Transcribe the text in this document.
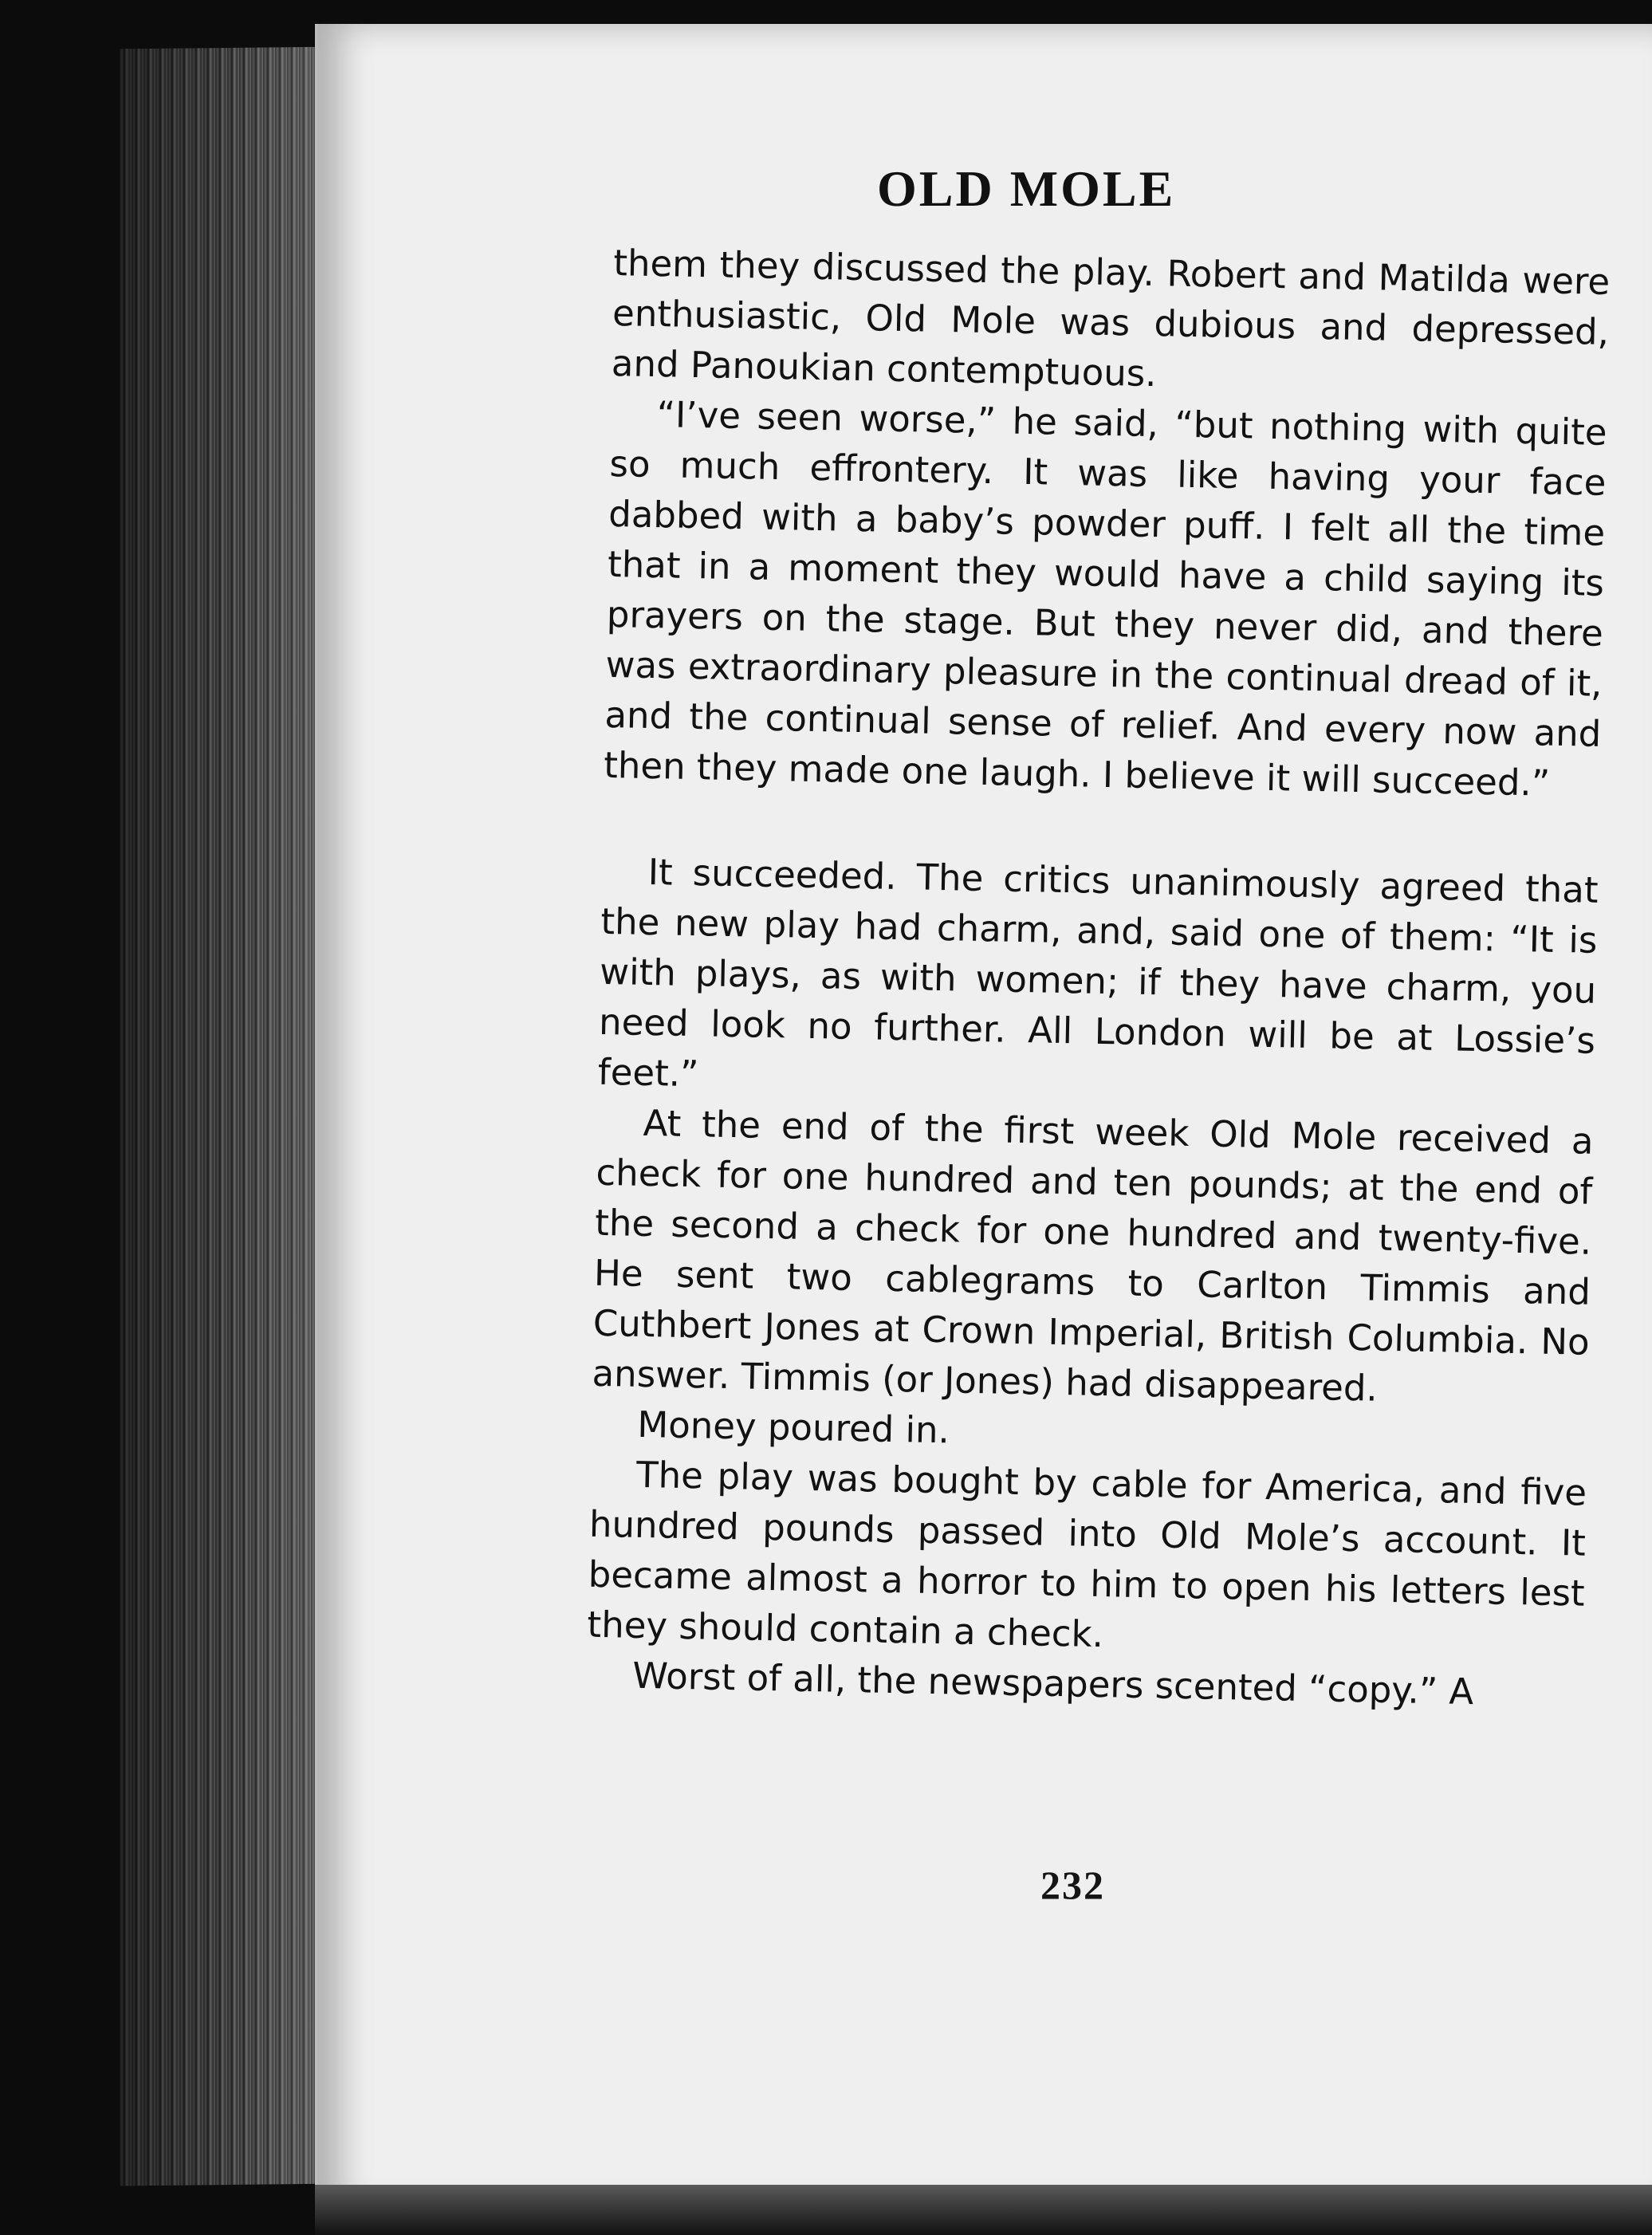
OLD MOLE

them they discussed the play. Robert and Matilda were enthusiastic, Old Mole was dubious and depressed, and Panoukian contemptuous.

“I’ve seen worse,” he said, “but nothing with quite so much effrontery. It was like having your face dabbed with a baby’s powder puff. I felt all the time that in a moment they would have a child saying its prayers on the stage. But they never did, and there was extraordinary pleasure in the continual dread of it, and the continual sense of relief. And every now and then they made one laugh. I believe it will succeed.”

It succeeded. The critics unanimously agreed that the new play had charm, and, said one of them: “It is with plays, as with women; if they have charm, you need look no further. All London will be at Lossie’s feet.”

At the end of the first week Old Mole received a check for one hundred and ten pounds; at the end of the second a check for one hundred and twenty-five. He sent two cablegrams to Carlton Timmis and Cuthbert Jones at Crown Imperial, British Columbia. No answer. Timmis (or Jones) had disappeared.

Money poured in.

The play was bought by cable for America, and five hundred pounds passed into Old Mole’s account. It became almost a horror to him to open his letters lest they should contain a check.

Worst of all, the newspapers scented “copy.” A

232
